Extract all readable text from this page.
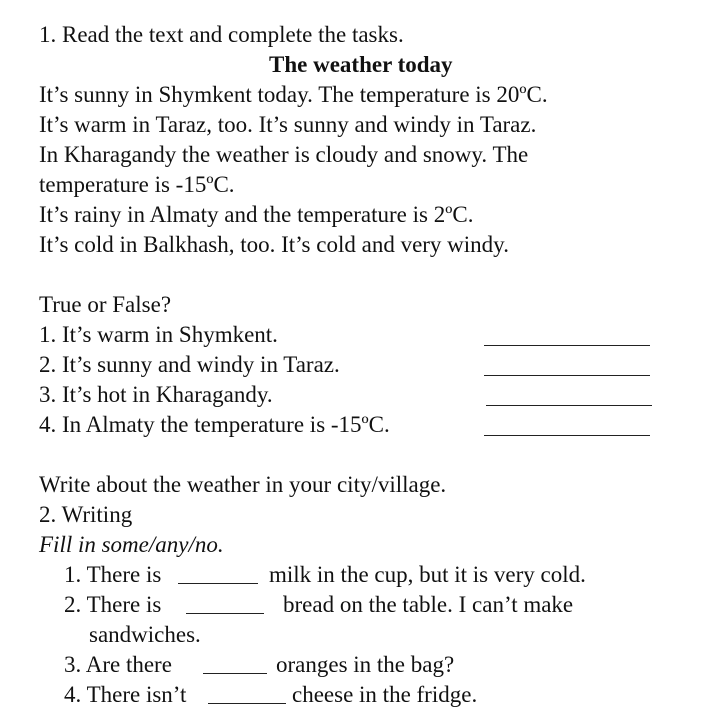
1. Read the text and complete the tasks.
The weather today
It’s sunny in Shymkent today. The temperature is 20ºC.
It’s warm in Taraz, too. It’s sunny and windy in Taraz.
In Kharagandy the weather is cloudy and snowy. The
temperature is -15ºC.
It’s rainy in Almaty and the temperature is 2ºC.
It’s cold in Balkhash, too. It’s cold and very windy.
True or False?
1. It’s warm in Shymkent.
2. It’s sunny and windy in Taraz.
3. It’s hot in Kharagandy.
4. In Almaty the temperature is -15ºC.
Write about the weather in your city/village.
2. Writing
Fill in some/any/no.
1. There is	milk in the cup, but it is very cold.
2. There is	bread on the table. I can’t make
sandwiches.
3. Are there	oranges in the bag?
4. There isn’t	cheese in the fridge.
